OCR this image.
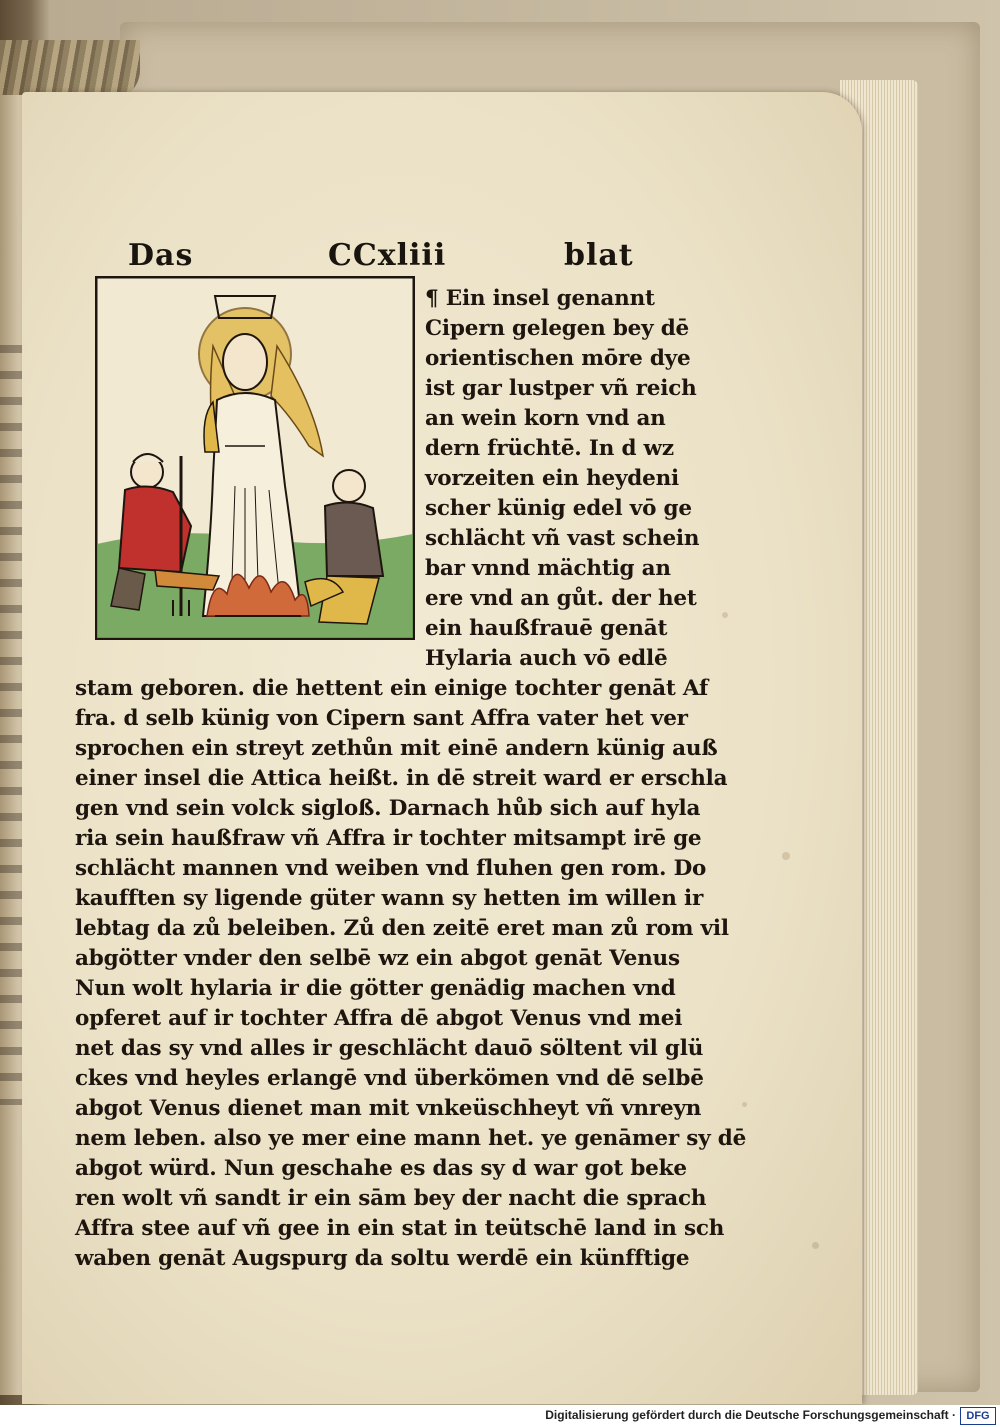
Das	CCxliii	blat
¶ Ein insel genannt
Cipern gelegen bey dē
orientischen mōre dye
ist gar lustper vñ reich
an wein korn vnd an
dern früchtē. In d wz
vorzeiten ein heydeni
scher künig edel vō ge
schlächt vñ vast schein
bar vnnd mächtig an
ere vnd an gůt. der het
ein haußfrauē genāt
Hylaria auch vō edlē
stam geboren. die hettent ein einige tochter genāt Af
fra. d selb künig von Cipern sant Affra vater het ver
sprochen ein streyt zethůn mit einē andern künig auß
einer insel die Attica heißt. in dē streit ward er erschla
gen vnd sein volck sigloß. Darnach hůb sich auf hyla
ria sein haußfraw vñ Affra ir tochter mitsampt irē ge
schlächt mannen vnd weiben vnd fluhen gen rom. Do
kaufften sy ligende güter wann sy hetten im willen ir
lebtag da zů beleiben. Zů den zeitē eret man zů rom vil
abgötter vnder den selbē wz ein abgot genāt Venus
Nun wolt hylaria ir die götter genädig machen vnd
opferet auf ir tochter Affra dē abgot Venus vnd mei
net das sy vnd alles ir geschlächt dauō söltent vil glü
ckes vnd heyles erlangē vnd überkömen vnd dē selbē
abgot Venus dienet man mit vnkeüschheyt vñ vnreyn
nem leben. also ye mer eine mann het. ye genāmer sy dē
abgot würd. Nun geschahe es das sy d war got beke
ren wolt vñ sandt ir ein sām bey der nacht die sprach
Affra stee auf vñ gee in ein stat in teütschē land in sch
waben genāt Augspurg da soltu werdē ein künfftige
Digitalisierung gefördert durch die Deutsche Forschungsgemeinschaft · DFG
